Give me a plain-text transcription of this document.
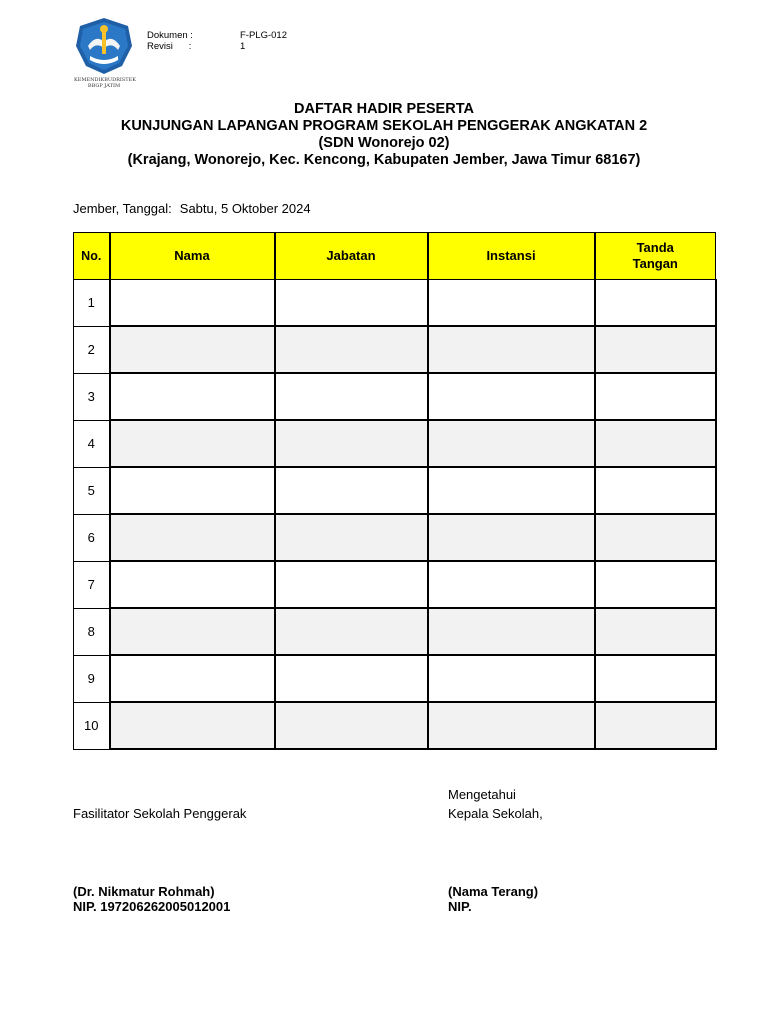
KEMENDIKBUDRISTEK
BBGP JATIM
Dokumen :	F-PLG-012
Revisi :	1
DAFTAR HADIR PESERTA
KUNJUNGAN LAPANGAN PROGRAM SEKOLAH PENGGERAK ANGKATAN 2
(SDN Wonorejo 02)
(Krajang, Wonorejo, Kec. Kencong, Kabupaten Jember, Jawa Timur 68167)
Jember, Tanggal: Sabtu, 5 Oktober 2024
No.	Nama	Jabatan	Instansi	Tanda
Tangan

1				
2				
3				
4				
5				
6				
7				
8				
9				
10				
Mengetahui
Fasilitator Sekolah Penggerak	Kepala Sekolah,
(Dr. Nikmatur Rohmah)
NIP. 197206262005012001
(Nama Terang)
NIP.
